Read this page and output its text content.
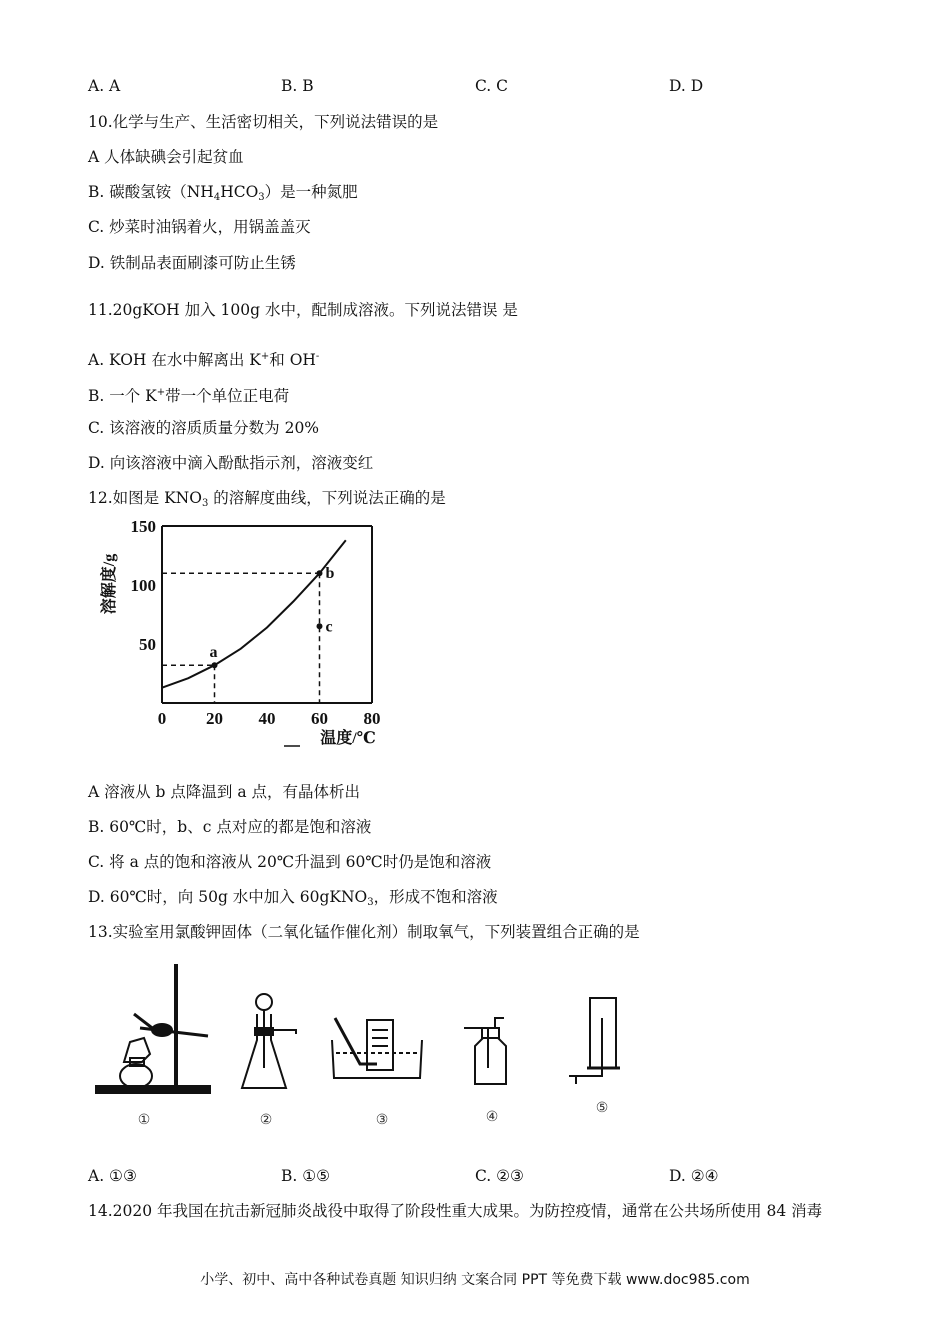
A. A	B. B	C. C	D. D
10.化学与生产、生活密切相关，下列说法错误的是
A 人体缺碘会引起贫血
B. 碳酸氢铵$(NH_4HCO_3)$是一种氮肥
C. 炒菜时油锅着火，用锅盖盖灭
D. 铁制品表面刷漆可防止生锈
11.20gKOH 加入 100g 水中，配制成溶液。下列说法错误 是
A. KOH 在水中解离出 K+和 OH-
B. 一个 K+带一个单位正电荷
C. 该溶液的溶质质量分数为 20%
D. 向该溶液中滴入酚酞指示剂，溶液变红
12.如图是 $KNO_3$ 的溶解度曲线，下列说法正确的是
溶解度/g
温度/℃
0 20 40 60 80
50
100
150
a
b
c
A 溶液从 b 点降温到 a 点，有晶体析出
B. 60℃时，b、c 点对应的都是饱和溶液
C. 将 a 点的饱和溶液从 20℃升温到 60℃时仍是饱和溶液
D. 60℃时，向 50g 水中加入 60gKNO$_3$，形成不饱和溶液
13.实验室用氯酸钾固体（二氧化锰作催化剂）制取氧气，下列装置组合正确的是
①	②	③	④
⑤
A. ①③	B. ①⑤	C. ②③	D. ②④
14.2020 年我国在抗击新冠肺炎战役中取得了阶段性重大成果。为防控疫情，通常在公共场所使用 84 消毒
小学、初中、高中各种试卷真题 知识归纳 文案合同 PPT 等免费下载 www.doc985.com
